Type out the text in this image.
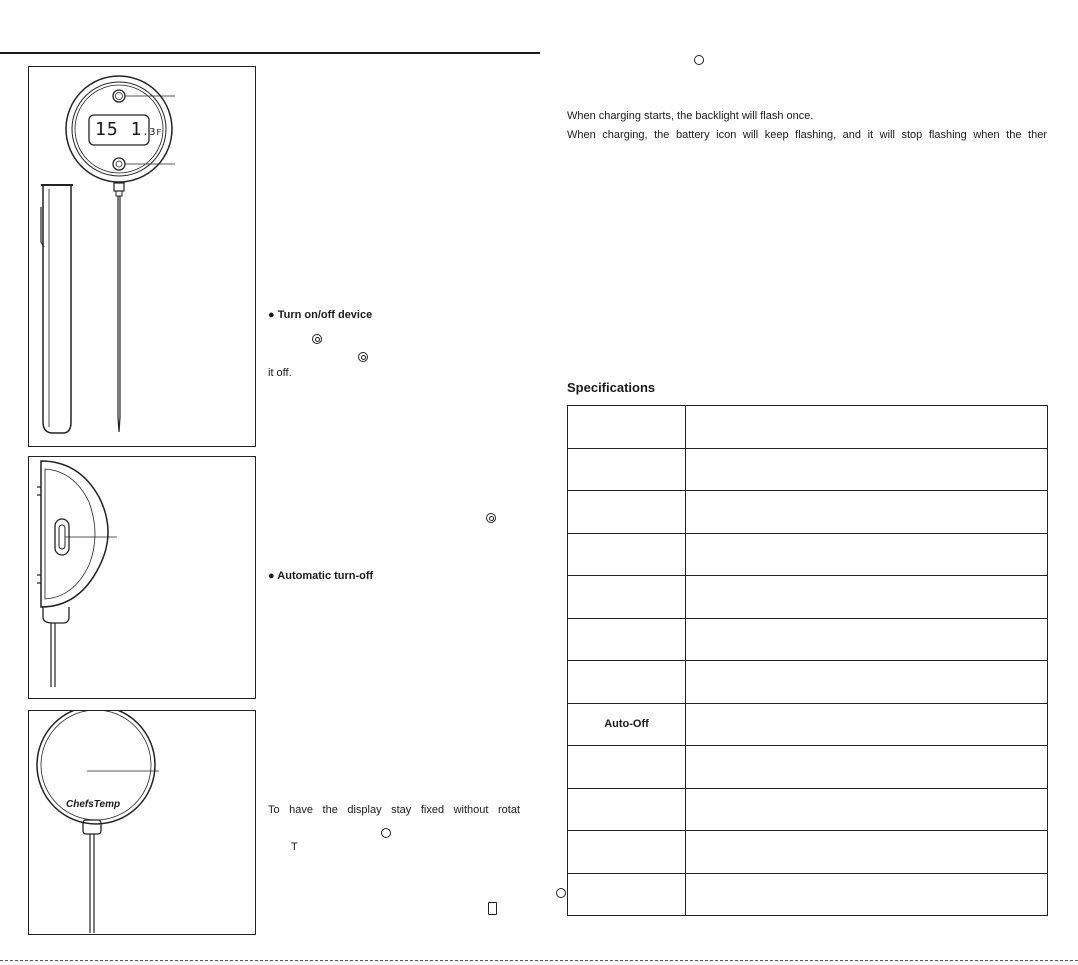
15 1.3F
ChefsTemp
● Turn on/off device

it off.

● Automatic turn-off
To have the display stay fixed without rotat

T

When charging starts, the backlight will flash once.
When charging, the battery icon will keep flashing, and it will stop flashing when the ther
Specifications

Auto-Off	
